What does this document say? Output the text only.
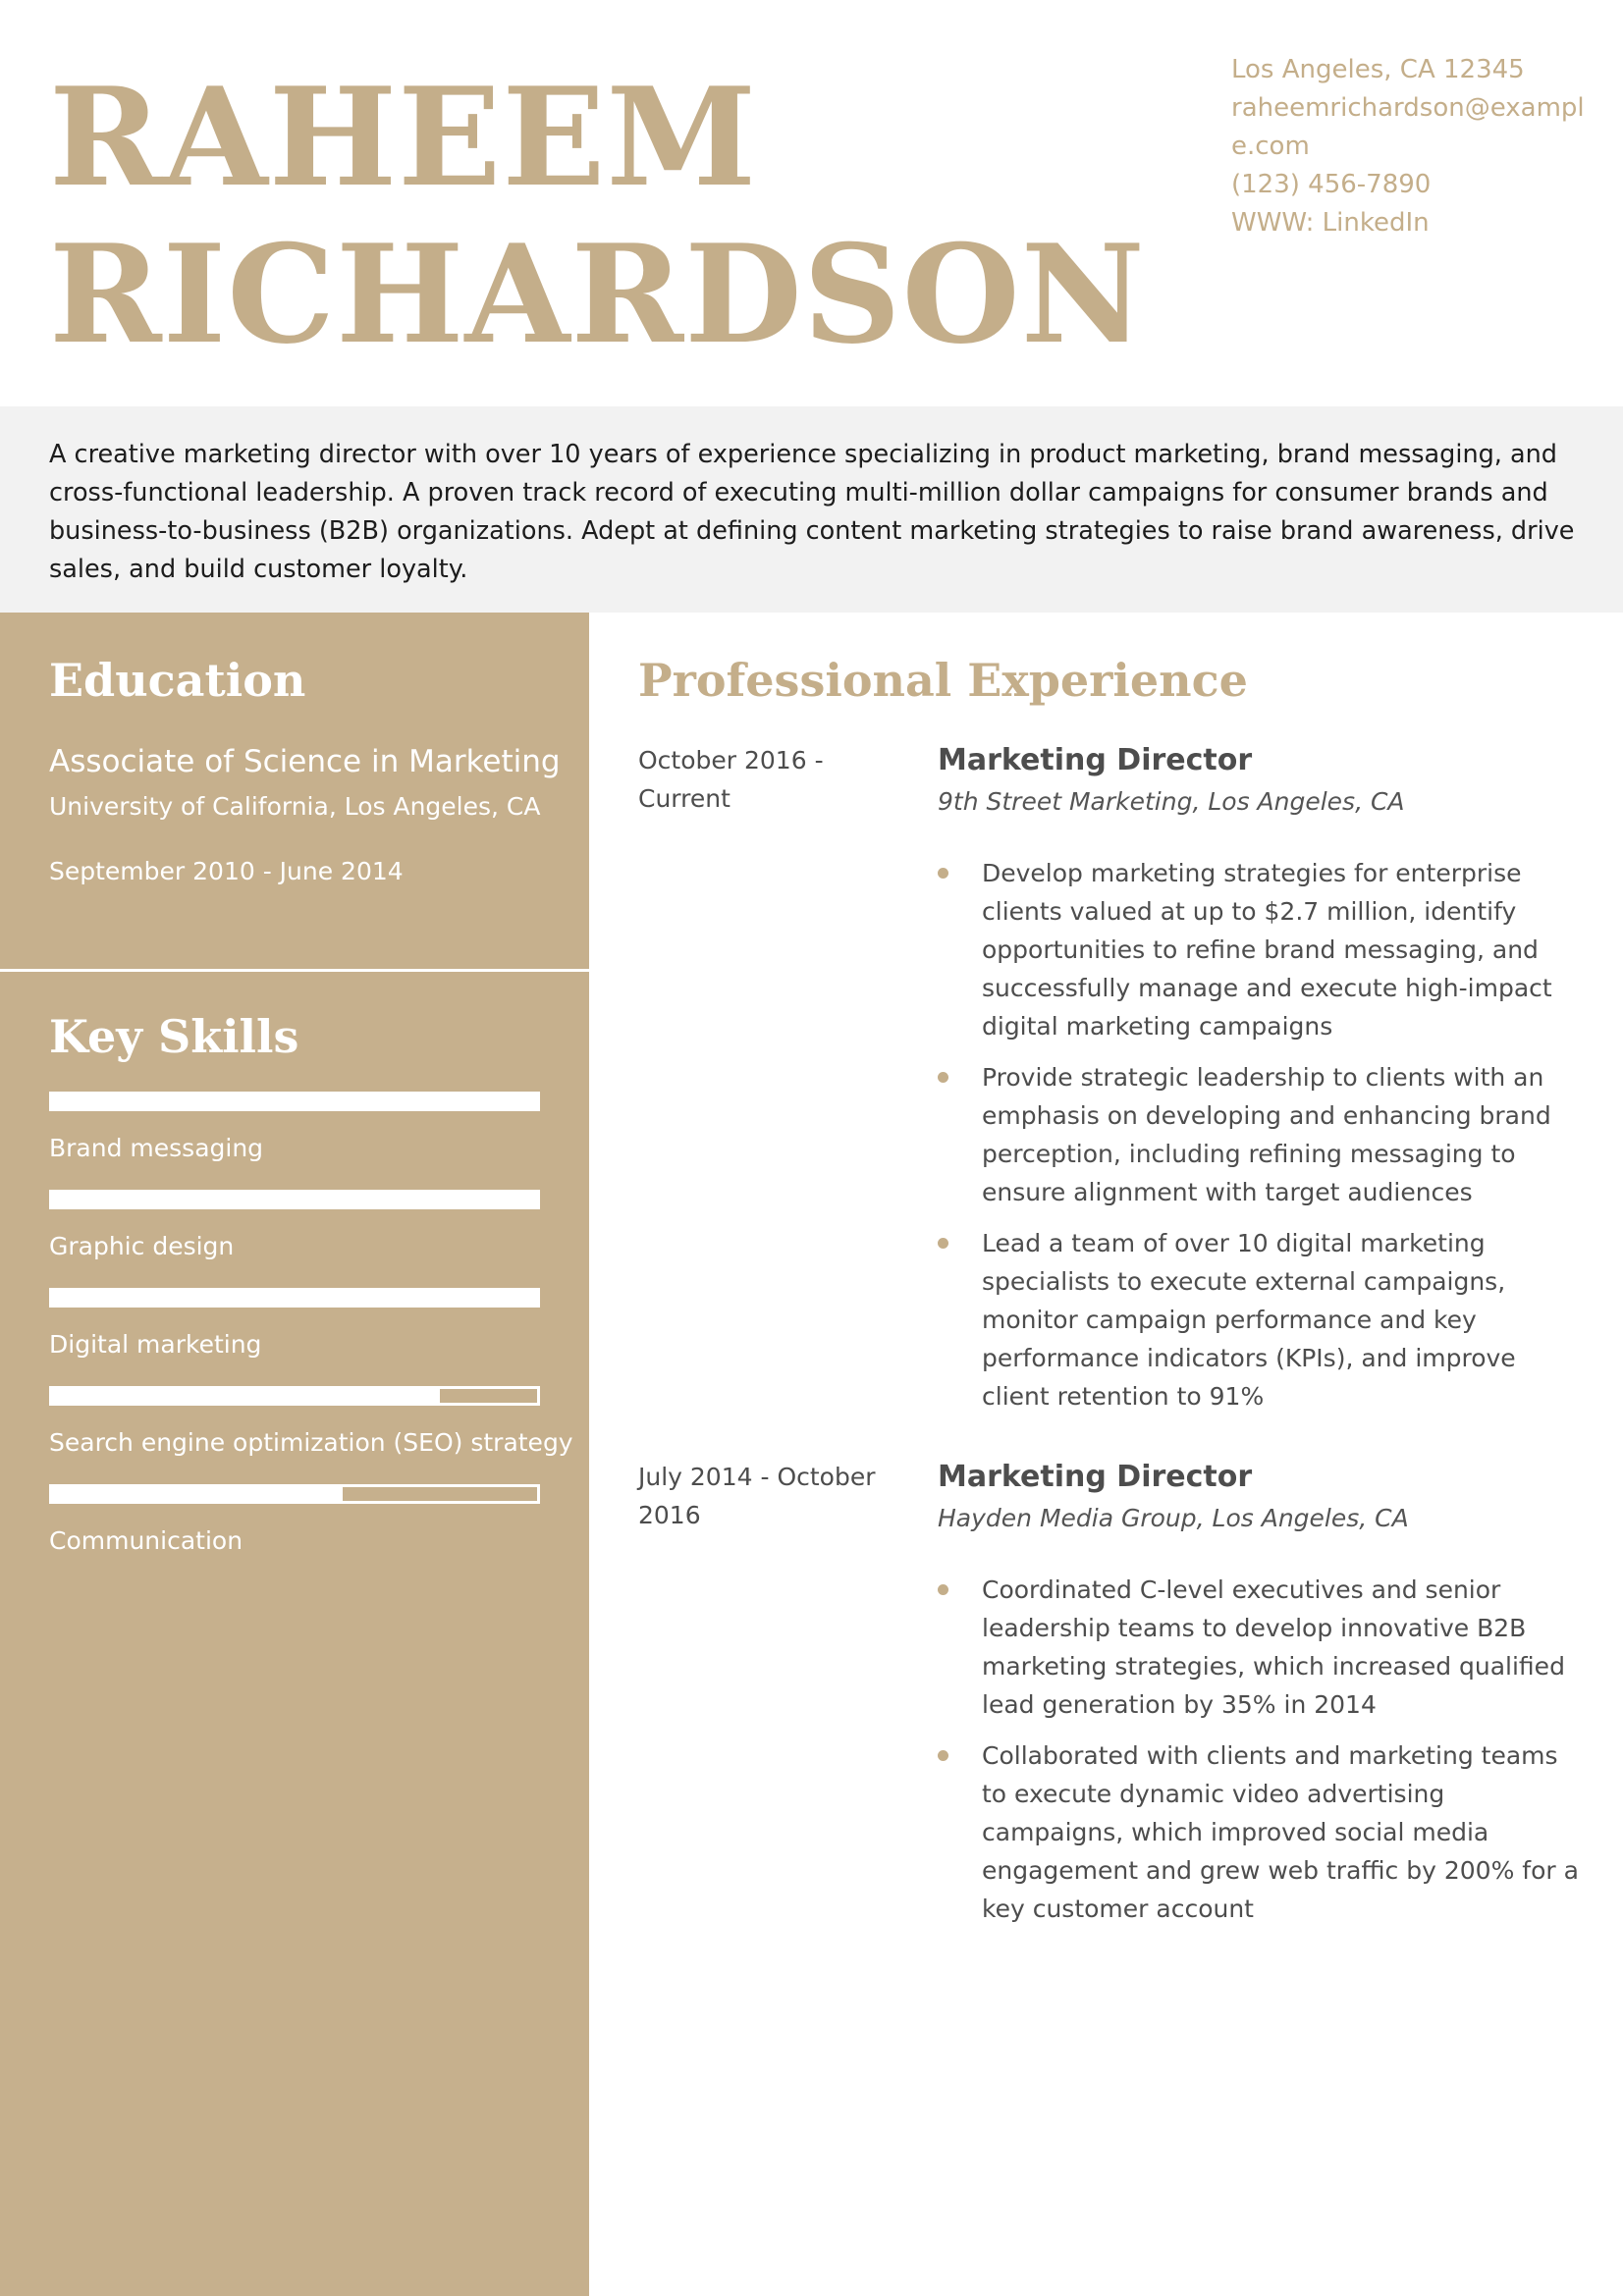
RAHEEM
RICHARDSON
Los Angeles, CA 12345
raheemrichardson@example.com
(123) 456-7890
WWW: LinkedIn

A creative marketing director with over 10 years of experience specializing in product marketing, brand messaging, and cross-functional leadership. A proven track record of executing multi-million dollar campaigns for consumer brands and business-to-business (B2B) organizations. Adept at defining content marketing strategies to raise brand awareness, drive sales, and build customer loyalty.

Education
Associate of Science in Marketing
University of California, Los Angeles, CA
September 2010 - June 2014
Key Skills
Brand messaging
Graphic design
Digital marketing
Search engine optimization (SEO) strategy
Communication
Professional Experience
October 2016 - Current
Marketing Director
9th Street Marketing, Los Angeles, CA
Develop marketing strategies for enterprise clients valued at up to $2.7 million, identify opportunities to refine brand messaging, and successfully manage and execute high-impact digital marketing campaigns
Provide strategic leadership to clients with an emphasis on developing and enhancing brand perception, including refining messaging to ensure alignment with target audiences
Lead a team of over 10 digital marketing specialists to execute external campaigns, monitor campaign performance and key performance indicators (KPIs), and improve client retention to 91%
July 2014 - October 2016
Marketing Director
Hayden Media Group, Los Angeles, CA
Coordinated C-level executives and senior leadership teams to develop innovative B2B marketing strategies, which increased qualified lead generation by 35% in 2014
Collaborated with clients and marketing teams to execute dynamic video advertising campaigns, which improved social media engagement and grew web traffic by 200% for a key customer account
